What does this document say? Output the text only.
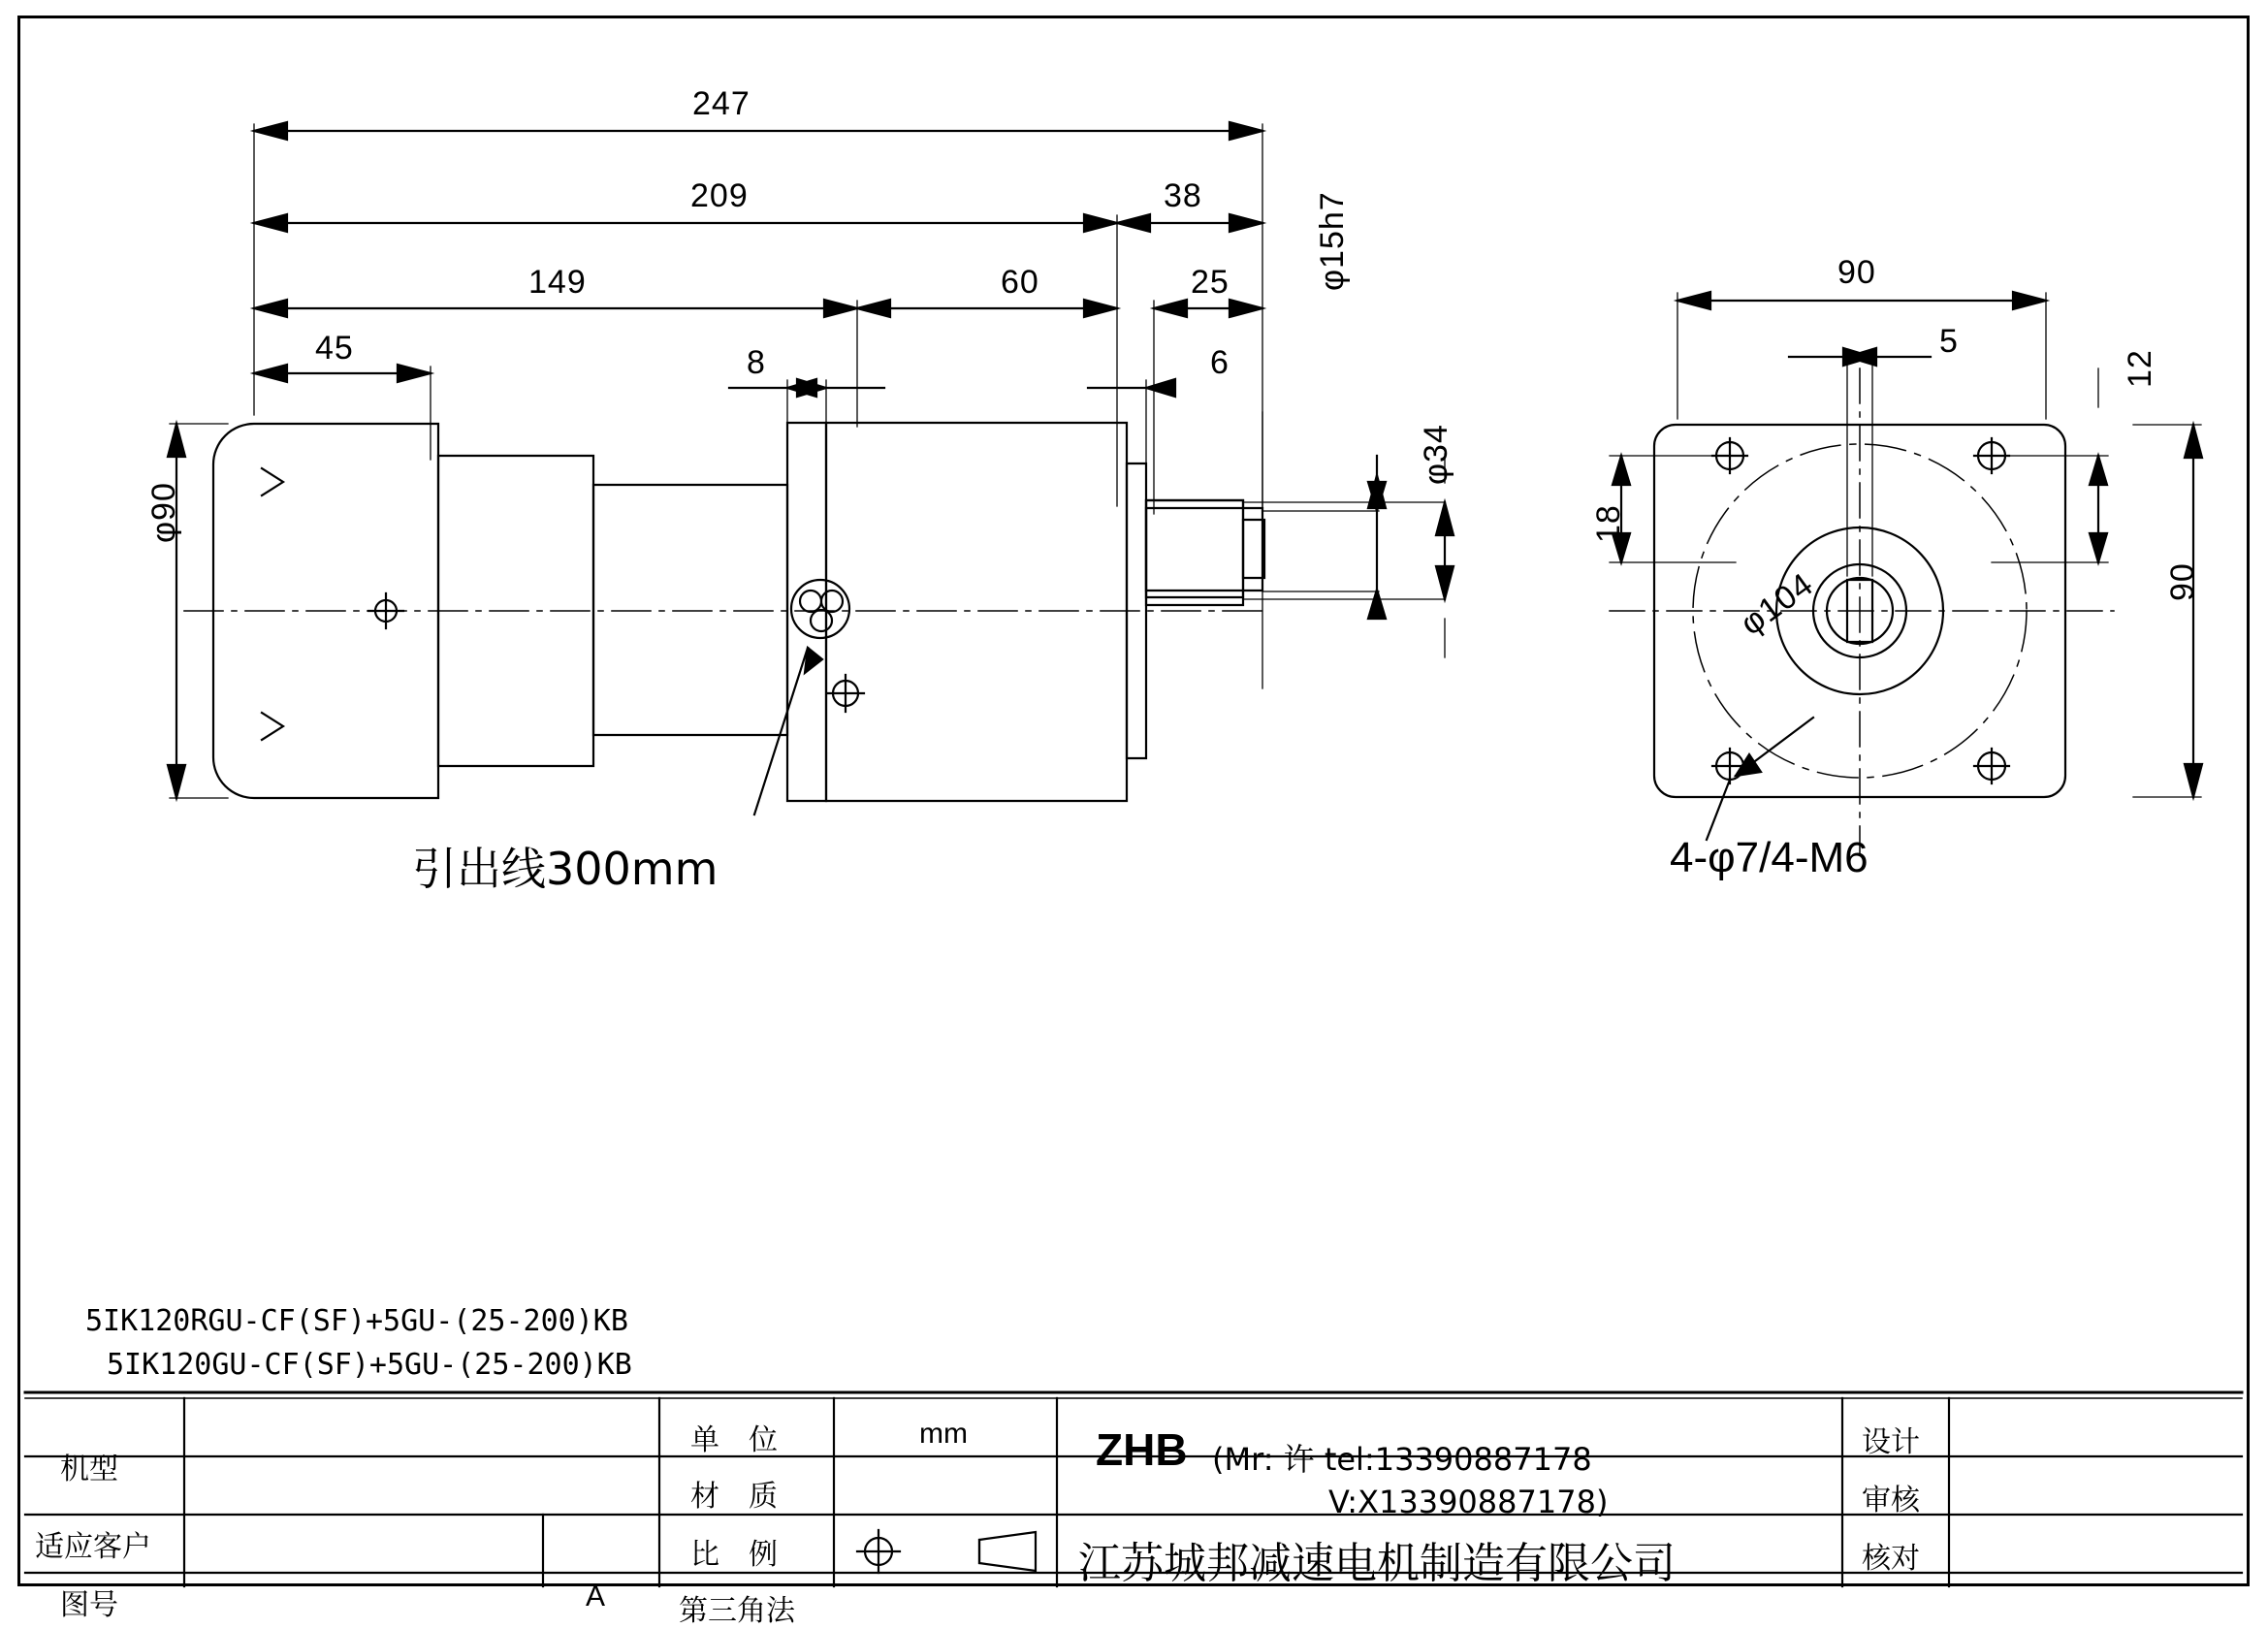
247
209	38
149	60	25
45	8	6
φ15h7
φ34
φ90
引出线300mm
90
5
12
18
90
φ104
4-φ7/4-M6
5IK120RGU-CF(SF)+5GU-(25-200)KB
5IK120GU-CF(SF)+5GU-(25-200)KB
机型
适应客户
图号	A
单　位	mm
材　质
比　例
第三角法
ZHB (Mr: 许 tel:13390887178
V:X13390887178)
江苏城邦减速电机制造有限公司
设计
审核
核对
